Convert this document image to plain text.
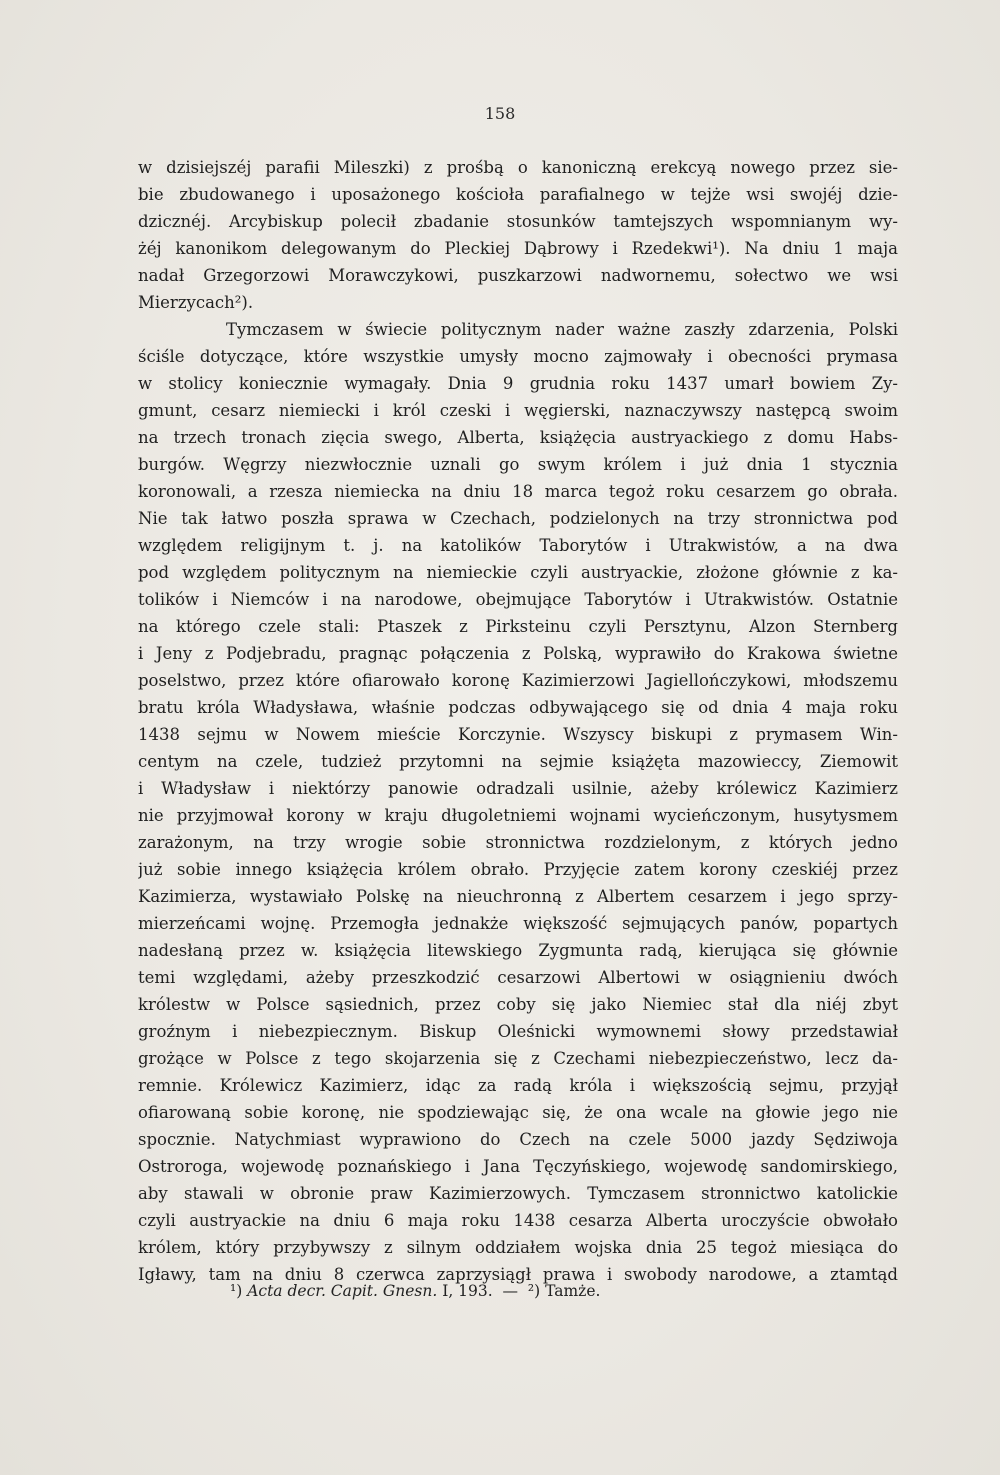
158
w dzisiejszéj parafii Mileszki) z prośbą o kanoniczną erekcyą nowego przez sie-
bie zbudowanego i uposażonego kościoła parafialnego w tejże wsi swojéj dzie-
dzicznéj. Arcybiskup polecił zbadanie stosunków tamtejszych wspomnianym wy-
żéj kanonikom delegowanym do Pleckiej Dąbrowy i Rzedekwi¹). Na dniu 1 maja
nadał Grzegorzowi Morawczykowi, puszkarzowi nadwornemu, sołectwo we wsi
Mierzycach²).
Tymczasem w świecie politycznym nader ważne zaszły zdarzenia, Polski
ściśle dotyczące, które wszystkie umysły mocno zajmowały i obecności prymasa
w stolicy koniecznie wymagały. Dnia 9 grudnia roku 1437 umarł bowiem Zy-
gmunt, cesarz niemiecki i król czeski i węgierski, naznaczywszy następcą swoim
na trzech tronach zięcia swego, Alberta, książęcia austryackiego z domu Habs-
burgów. Węgrzy niezwłocznie uznali go swym królem i już dnia 1 stycznia
koronowali, a rzesza niemiecka na dniu 18 marca tegoż roku cesarzem go obrała.
Nie tak łatwo poszła sprawa w Czechach, podzielonych na trzy stronnictwa pod
względem religijnym t. j. na katolików Taborytów i Utrakwistów, a na dwa
pod względem politycznym na niemieckie czyli austryackie, złożone głównie z ka-
tolików i Niemców i na narodowe, obejmujące Taborytów i Utrakwistów. Ostatnie
na którego czele stali: Ptaszek z Pirksteinu czyli Persztynu, Alzon Sternberg
i Jeny z Podjebradu, pragnąc połączenia z Polską, wyprawiło do Krakowa świetne
poselstwo, przez które ofiarowało koronę Kazimierzowi Jagiellończykowi, młodszemu
bratu króla Władysława, właśnie podczas odbywającego się od dnia 4 maja roku
1438 sejmu w Nowem mieście Korczynie. Wszyscy biskupi z prymasem Win-
centym na czele, tudzież przytomni na sejmie książęta mazowieccy, Ziemowit
i Władysław i niektórzy panowie odradzali usilnie, ażeby królewicz Kazimierz
nie przyjmował korony w kraju długoletniemi wojnami wycieńczonym, husytysmem
zarażonym, na trzy wrogie sobie stronnictwa rozdzielonym, z których jedno
już sobie innego książęcia królem obrało. Przyjęcie zatem korony czeskiéj przez
Kazimierza, wystawiało Polskę na nieuchronną z Albertem cesarzem i jego sprzy-
mierzeńcami wojnę. Przemogła jednakże większość sejmujących panów, popartych
nadesłaną przez w. książęcia litewskiego Zygmunta radą, kierująca się głównie
temi względami, ażeby przeszkodzić cesarzowi Albertowi w osiągnieniu dwóch
królestw w Polsce sąsiednich, przez coby się jako Niemiec stał dla niéj zbyt
groźnym i niebezpiecznym. Biskup Oleśnicki wymownemi słowy przedstawiał
grożące w Polsce z tego skojarzenia się z Czechami niebezpieczeństwo, lecz da-
remnie. Królewicz Kazimierz, idąc za radą króla i większością sejmu, przyjął
ofiarowaną sobie koronę, nie spodziewając się, że ona wcale na głowie jego nie
spocznie. Natychmiast wyprawiono do Czech na czele 5000 jazdy Sędziwoja
Ostroroga, wojewodę poznańskiego i Jana Tęczyńskiego, wojewodę sandomirskiego,
aby stawali w obronie praw Kazimierzowych. Tymczasem stronnictwo katolickie
czyli austryackie na dniu 6 maja roku 1438 cesarza Alberta uroczyście obwołało
królem, który przybywszy z silnym oddziałem wojska dnia 25 tegoż miesiąca do
Igławy, tam na dniu 8 czerwca zaprzysiągł prawa i swobody narodowe, a ztamtąd
¹) Acta decr. Capit. Gnesn. I, 193.  —  ²) Tamże.
